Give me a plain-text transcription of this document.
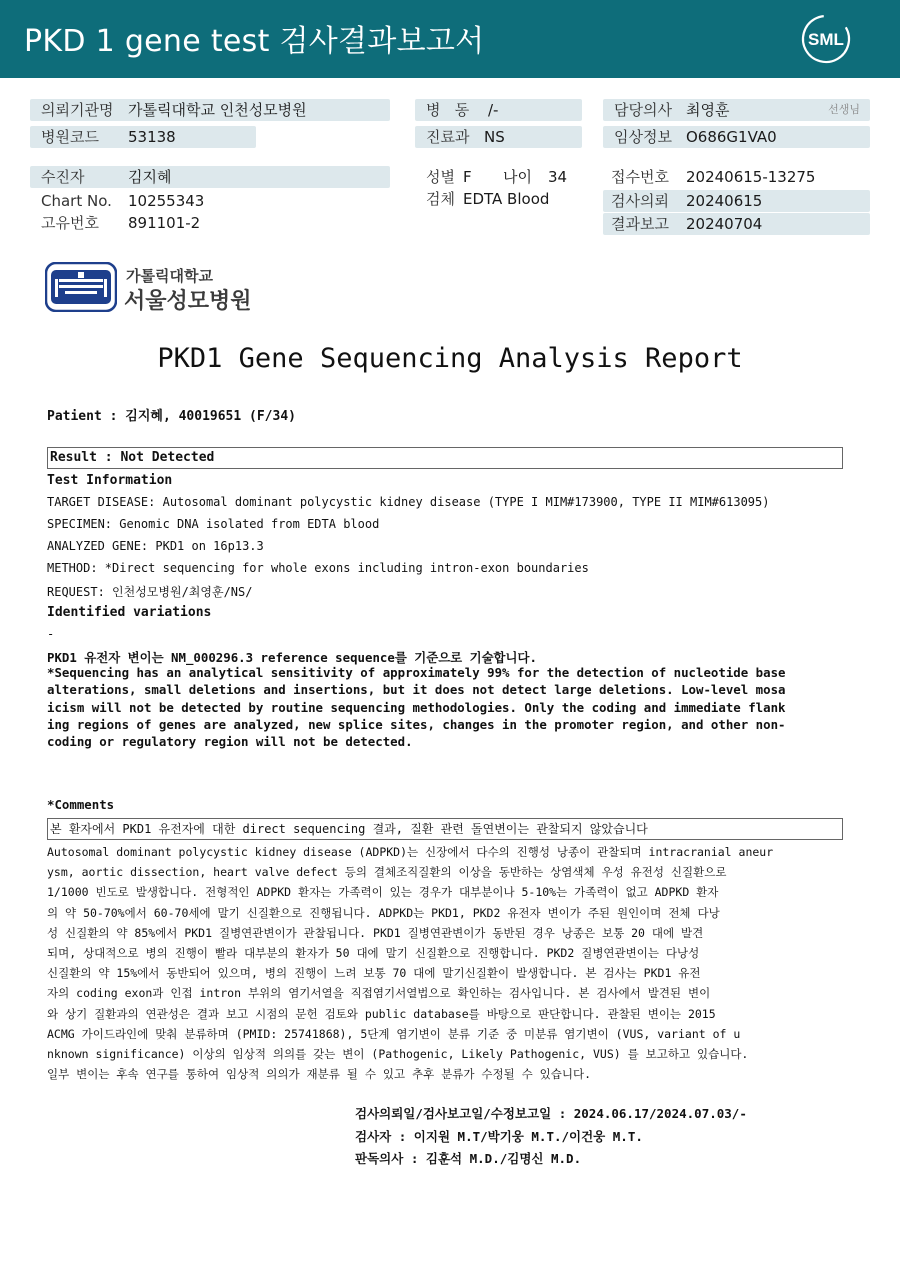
PKD 1 gene test 검사결과보고서	SML
의뢰기관명 가톨릭대학교 인천성모병원
병원코드 53138
병   동 /-
진료과 NS
담당의사 최영훈	선생님
임상정보 O686G1VA0
수진자	김지혜
Chart No. 10255343
고유번호 891101-2
성별 F 나이 34
검체 EDTA Blood
접수번호 20240615-13275
검사의뢰 20240615
결과보고 20240704
가톨릭대학교
서울성모병원
PKD1 Gene Sequencing Analysis Report
Patient : 김지혜, 40019651 (F/34)
Result : Not Detected
Test Information
TARGET DISEASE: Autosomal dominant polycystic kidney disease (TYPE I MIM#173900, TYPE II MIM#613095)
SPECIMEN: Genomic DNA isolated from EDTA blood
ANALYZED GENE: PKD1 on 16p13.3
METHOD: *Direct sequencing for whole exons including intron-exon boundaries
REQUEST: 인천성모병원/최영훈/NS/
Identified variations
-
PKD1 유전자 변이는 NM_000296.3 reference sequence를 기준으로 기술합니다.
*Sequencing has an analytical sensitivity of approximately 99% for the detection of nucleotide base
alterations, small deletions and insertions, but it does not detect large deletions. Low-level mosa
icism will not be detected by routine sequencing methodologies. Only the coding and immediate flank
ing regions of genes are analyzed, new splice sites, changes in the promoter region, and other non-
coding or regulatory region will not be detected.
*Comments
본 환자에서 PKD1 유전자에 대한 direct sequencing 결과, 질환 관련 돌연변이는 관찰되지 않았습니다
Autosomal dominant polycystic kidney disease (ADPKD)는 신장에서 다수의 진행성 낭종이 관찰되며 intracranial aneur
ysm, aortic dissection, heart valve defect 등의 결체조직질환의 이상을 동반하는 상염색체 우성 유전성 신질환으로
1/1000 빈도로 발생합니다. 전형적인 ADPKD 환자는 가족력이 있는 경우가 대부분이나 5-10%는 가족력이 없고 ADPKD 환자
의 약 50-70%에서 60-70세에 말기 신질환으로 진행됩니다. ADPKD는 PKD1, PKD2 유전자 변이가 주된 원인이며 전체 다낭
성 신질환의 약 85%에서 PKD1 질병연관변이가 관찰됩니다. PKD1 질병연관변이가 동반된 경우 낭종은 보통 20 대에 발견
되며, 상대적으로 병의 진행이 빨라 대부분의 환자가 50 대에 말기 신질환으로 진행합니다. PKD2 질병연관변이는 다낭성
신질환의 약 15%에서 동반되어 있으며, 병의 진행이 느려 보통 70 대에 말기신질환이 발생합니다. 본 검사는 PKD1 유전
자의 coding exon과 인접 intron 부위의 염기서열을 직접염기서열법으로 확인하는 검사입니다. 본 검사에서 발견된 변이
와 상기 질환과의 연관성은 결과 보고 시점의 문헌 검토와 public database를 바탕으로 판단합니다. 관찰된 변이는 2015
ACMG 가이드라인에 맞춰 분류하며 (PMID: 25741868), 5단계 염기변이 분류 기준 중 미분류 염기변이 (VUS, variant of u
nknown significance) 이상의 임상적 의의를 갖는 변이 (Pathogenic, Likely Pathogenic, VUS) 를 보고하고 있습니다.
일부 변이는 후속 연구를 통하여 임상적 의의가 재분류 될 수 있고 추후 분류가 수정될 수 있습니다.
검사의뢰일/검사보고일/수정보고일 : 2024.06.17/2024.07.03/-
검사자 : 이지원 M.T/박기웅 M.T./이건웅 M.T.
판독의사 : 김훈석 M.D./김명신 M.D.
